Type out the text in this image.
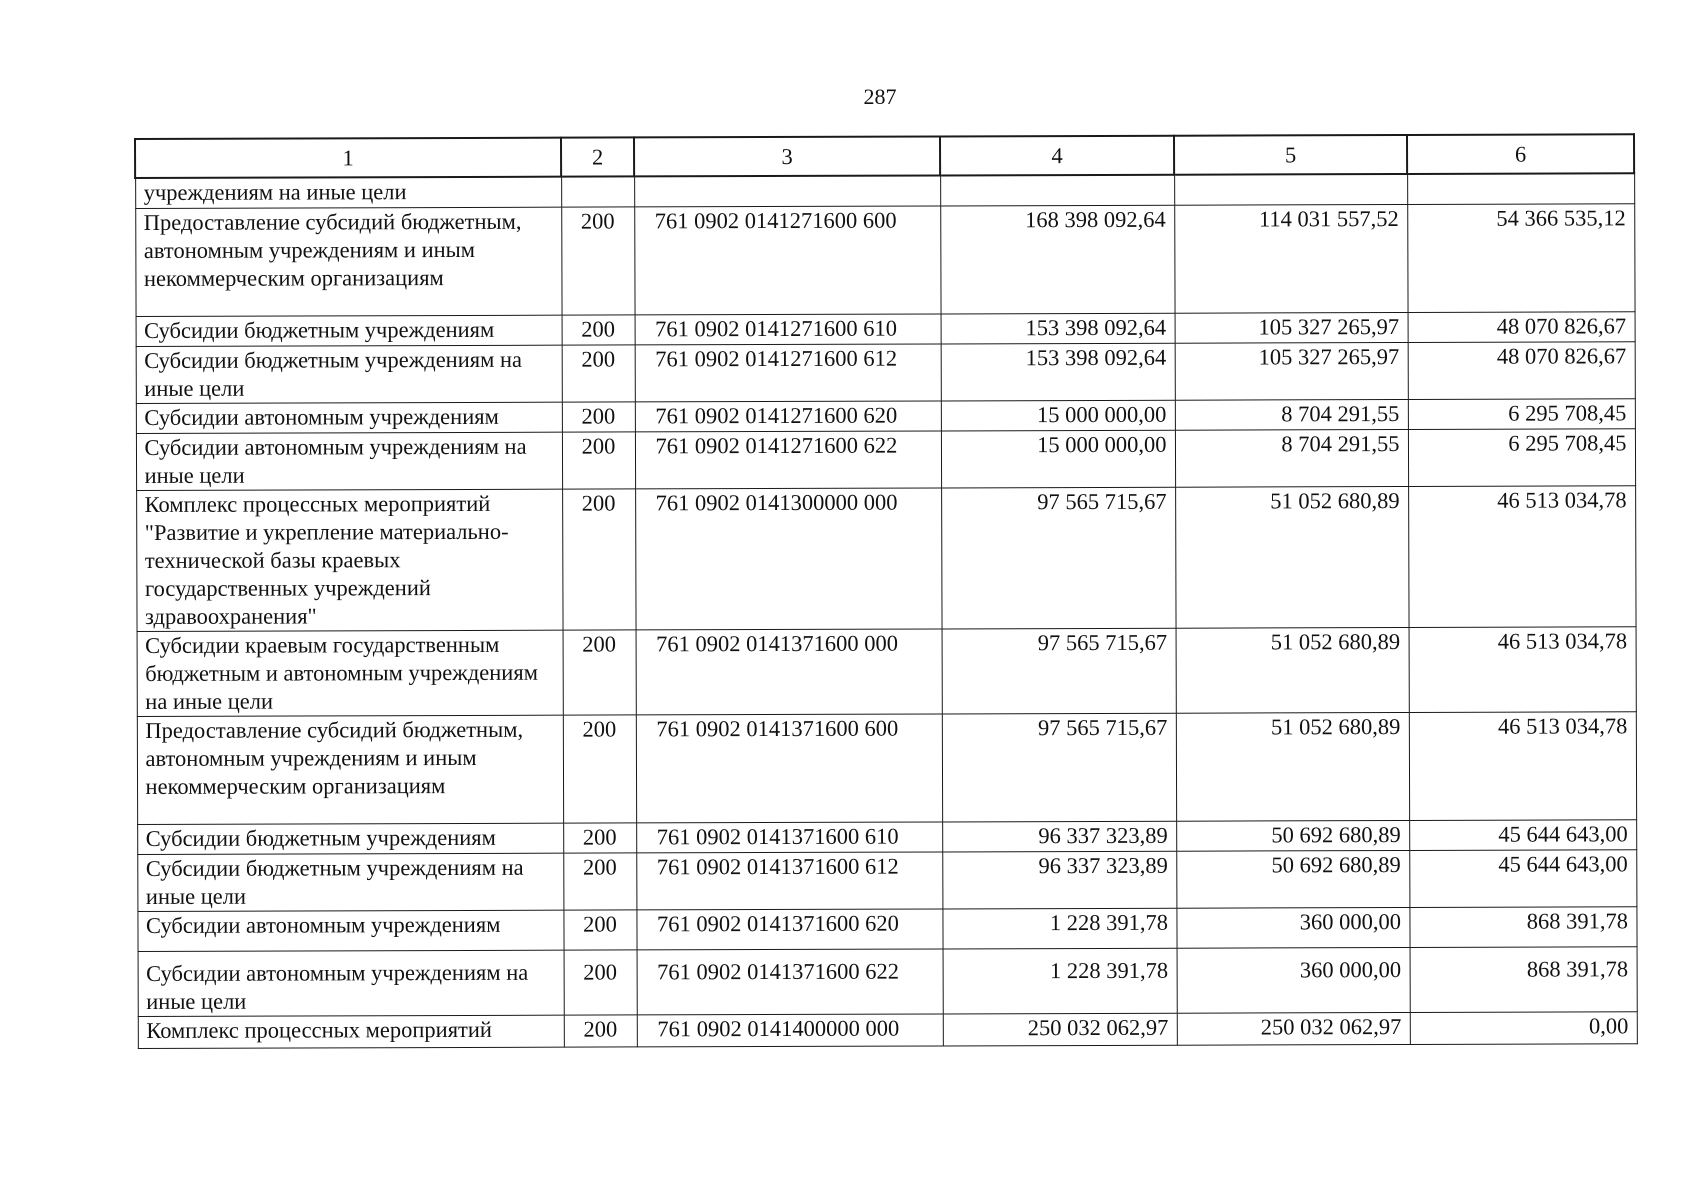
287
1	2	3	4	5	6
учреждениям на иные цели					
Предоставление субсидий бюджетным, автономным учреждениям и иным некоммерческим организациям	200	761 0902 0141271600 600	168 398 092,64	114 031 557,52	54 366 535,12
Субсидии бюджетным учреждениям	200	761 0902 0141271600 610	153 398 092,64	105 327 265,97	48 070 826,67
Субсидии бюджетным учреждениям на иные цели	200	761 0902 0141271600 612	153 398 092,64	105 327 265,97	48 070 826,67
Субсидии автономным учреждениям	200	761 0902 0141271600 620	15 000 000,00	8 704 291,55	6 295 708,45
Субсидии автономным учреждениям на иные цели	200	761 0902 0141271600 622	15 000 000,00	8 704 291,55	6 295 708,45
Комплекс процессных мероприятий "Развитие и укрепление материально-технической базы краевых государственных учреждений здравоохранения"	200	761 0902 0141300000 000	97 565 715,67	51 052 680,89	46 513 034,78
Субсидии краевым государственным бюджетным и автономным учреждениям на иные цели	200	761 0902 0141371600 000	97 565 715,67	51 052 680,89	46 513 034,78
Предоставление субсидий бюджетным, автономным учреждениям и иным некоммерческим организациям	200	761 0902 0141371600 600	97 565 715,67	51 052 680,89	46 513 034,78
Субсидии бюджетным учреждениям	200	761 0902 0141371600 610	96 337 323,89	50 692 680,89	45 644 643,00
Субсидии бюджетным учреждениям на иные цели	200	761 0902 0141371600 612	96 337 323,89	50 692 680,89	45 644 643,00
Субсидии автономным учреждениям	200	761 0902 0141371600 620	1 228 391,78	360 000,00	868 391,78
Субсидии автономным учреждениям на иные цели	200	761 0902 0141371600 622	1 228 391,78	360 000,00	868 391,78
Комплекс процессных мероприятий	200	761 0902 0141400000 000	250 032 062,97	250 032 062,97	0,00
